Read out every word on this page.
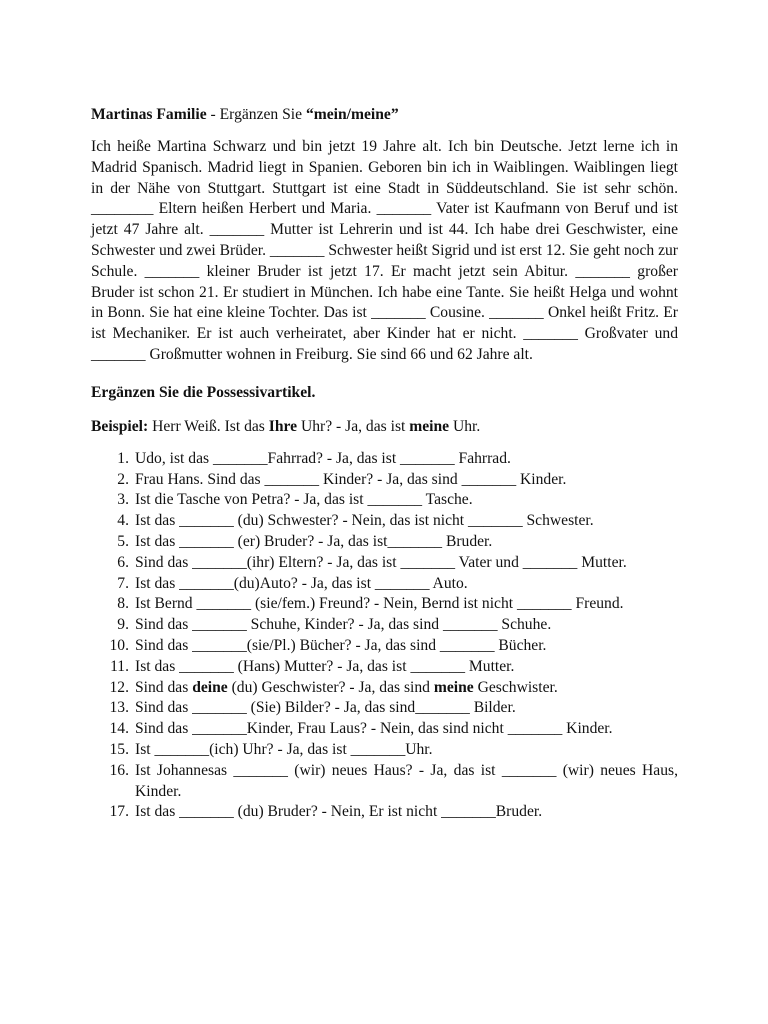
Martinas Familie - Ergänzen Sie “mein/meine”
Ich heiße Martina Schwarz und bin jetzt 19 Jahre alt. Ich bin Deutsche. Jetzt lerne ich in Madrid Spanisch. Madrid liegt in Spanien. Geboren bin ich in Waiblingen. Waiblingen liegt in der Nähe von Stuttgart. Stuttgart ist eine Stadt in Süddeutschland. Sie ist sehr schön. ________ Eltern heißen Herbert und Maria. _______ Vater ist Kaufmann von Beruf und ist jetzt 47 Jahre alt. _______ Mutter ist Lehrerin und ist 44. Ich habe drei Geschwister, eine Schwester und zwei Brüder. _______ Schwester heißt Sigrid und ist erst 12. Sie geht noch zur Schule. _______ kleiner Bruder ist jetzt 17. Er macht jetzt sein Abitur. _______ großer Bruder ist schon 21. Er studiert in München. Ich habe eine Tante. Sie heißt Helga und wohnt in Bonn. Sie hat eine kleine Tochter. Das ist _______ Cousine. _______ Onkel heißt Fritz. Er ist Mechaniker. Er ist auch verheiratet, aber Kinder hat er nicht. _______ Großvater und _______ Großmutter wohnen in Freiburg. Sie sind 66 und 62 Jahre alt.
Ergänzen Sie die Possessivartikel.
Beispiel: Herr Weiß. Ist das Ihre Uhr? - Ja, das ist meine Uhr.
1. Udo, ist das _______Fahrrad? - Ja, das ist _______ Fahrrad.
2. Frau Hans. Sind das _______ Kinder? - Ja, das sind _______ Kinder.
3. Ist die Tasche von Petra? - Ja, das ist _______ Tasche.
4. Ist das _______ (du) Schwester? - Nein, das ist nicht _______ Schwester.
5. Ist das _______ (er) Bruder? - Ja, das ist_______ Bruder.
6. Sind das _______(ihr) Eltern? - Ja, das ist _______ Vater und _______ Mutter.
7. Ist das _______(du)Auto? - Ja, das ist _______ Auto.
8. Ist Bernd _______ (sie/fem.) Freund? - Nein, Bernd ist nicht _______ Freund.
9. Sind das _______ Schuhe, Kinder? - Ja, das sind _______ Schuhe.
10. Sind das _______(sie/Pl.) Bücher? - Ja, das sind _______ Bücher.
11. Ist das _______ (Hans) Mutter? - Ja, das ist _______ Mutter.
12. Sind das deine (du) Geschwister? - Ja, das sind meine Geschwister.
13. Sind das _______ (Sie) Bilder? - Ja, das sind_______ Bilder.
14. Sind das _______Kinder, Frau Laus? - Nein, das sind nicht _______ Kinder.
15. Ist _______(ich) Uhr? - Ja, das ist _______Uhr.
16. Ist Johannesas _______ (wir) neues Haus? - Ja, das ist _______ (wir) neues Haus, Kinder.
17. Ist das _______ (du) Bruder? - Nein, Er ist nicht _______Bruder.
